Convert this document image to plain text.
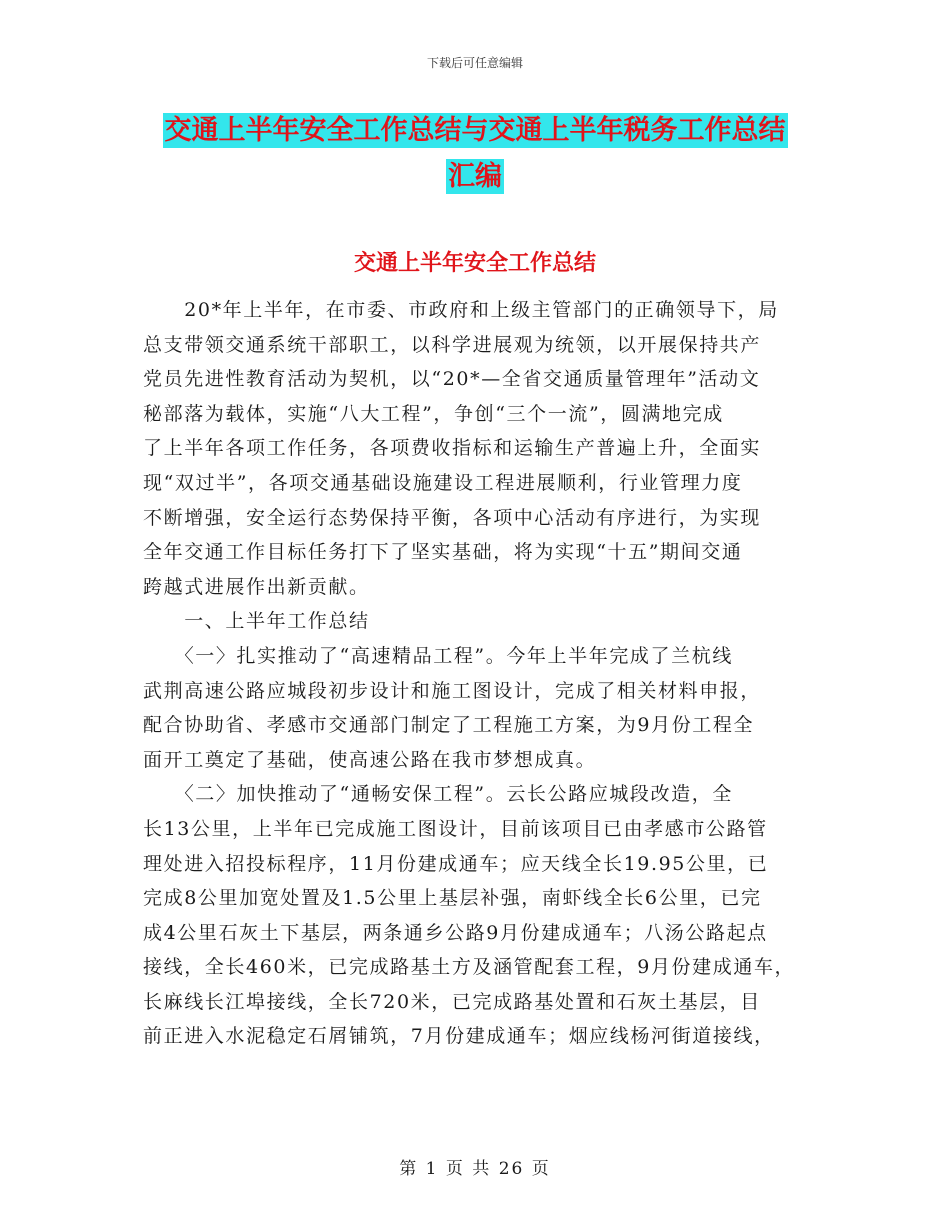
下载后可任意编辑
交通上半年安全工作总结与交通上半年税务工作总结
汇编
交通上半年安全工作总结
　　20*年上半年，在市委、市政府和上级主管部门的正确领导下，局
总支带领交通系统干部职工，以科学进展观为统领，以开展保持共产
党员先进性教育活动为契机，以“20*—全省交通质量管理年”活动文
秘部落为载体，实施“八大工程”，争创“三个一流”，圆满地完成
了上半年各项工作任务，各项费收指标和运输生产普遍上升，全面实
现“双过半”，各项交通基础设施建设工程进展顺利，行业管理力度
不断增强，安全运行态势保持平衡，各项中心活动有序进行，为实现
全年交通工作目标任务打下了坚实基础，将为实现“十五”期间交通
跨越式进展作出新贡献。
　　一、上半年工作总结
　　〈一〉扎实推动了“高速精品工程”。今年上半年完成了兰杭线
武荆高速公路应城段初步设计和施工图设计，完成了相关材料申报，
配合协助省、孝感市交通部门制定了工程施工方案，为9月份工程全
面开工奠定了基础，使高速公路在我市梦想成真。
　　〈二〉加快推动了“通畅安保工程”。云长公路应城段改造，全
长13公里，上半年已完成施工图设计，目前该项目已由孝感市公路管
理处进入招投标程序，11月份建成通车；应天线全长19.95公里，已
完成8公里加宽处置及1.5公里上基层补强，南虾线全长6公里，已完
成4公里石灰土下基层，两条通乡公路9月份建成通车；八汤公路起点
接线，全长460米，已完成路基土方及涵管配套工程，9月份建成通车，
长麻线长江埠接线，全长720米，已完成路基处置和石灰土基层，目
前正进入水泥稳定石屑铺筑，7月份建成通车；烟应线杨河街道接线，
第 1 页 共 26 页
